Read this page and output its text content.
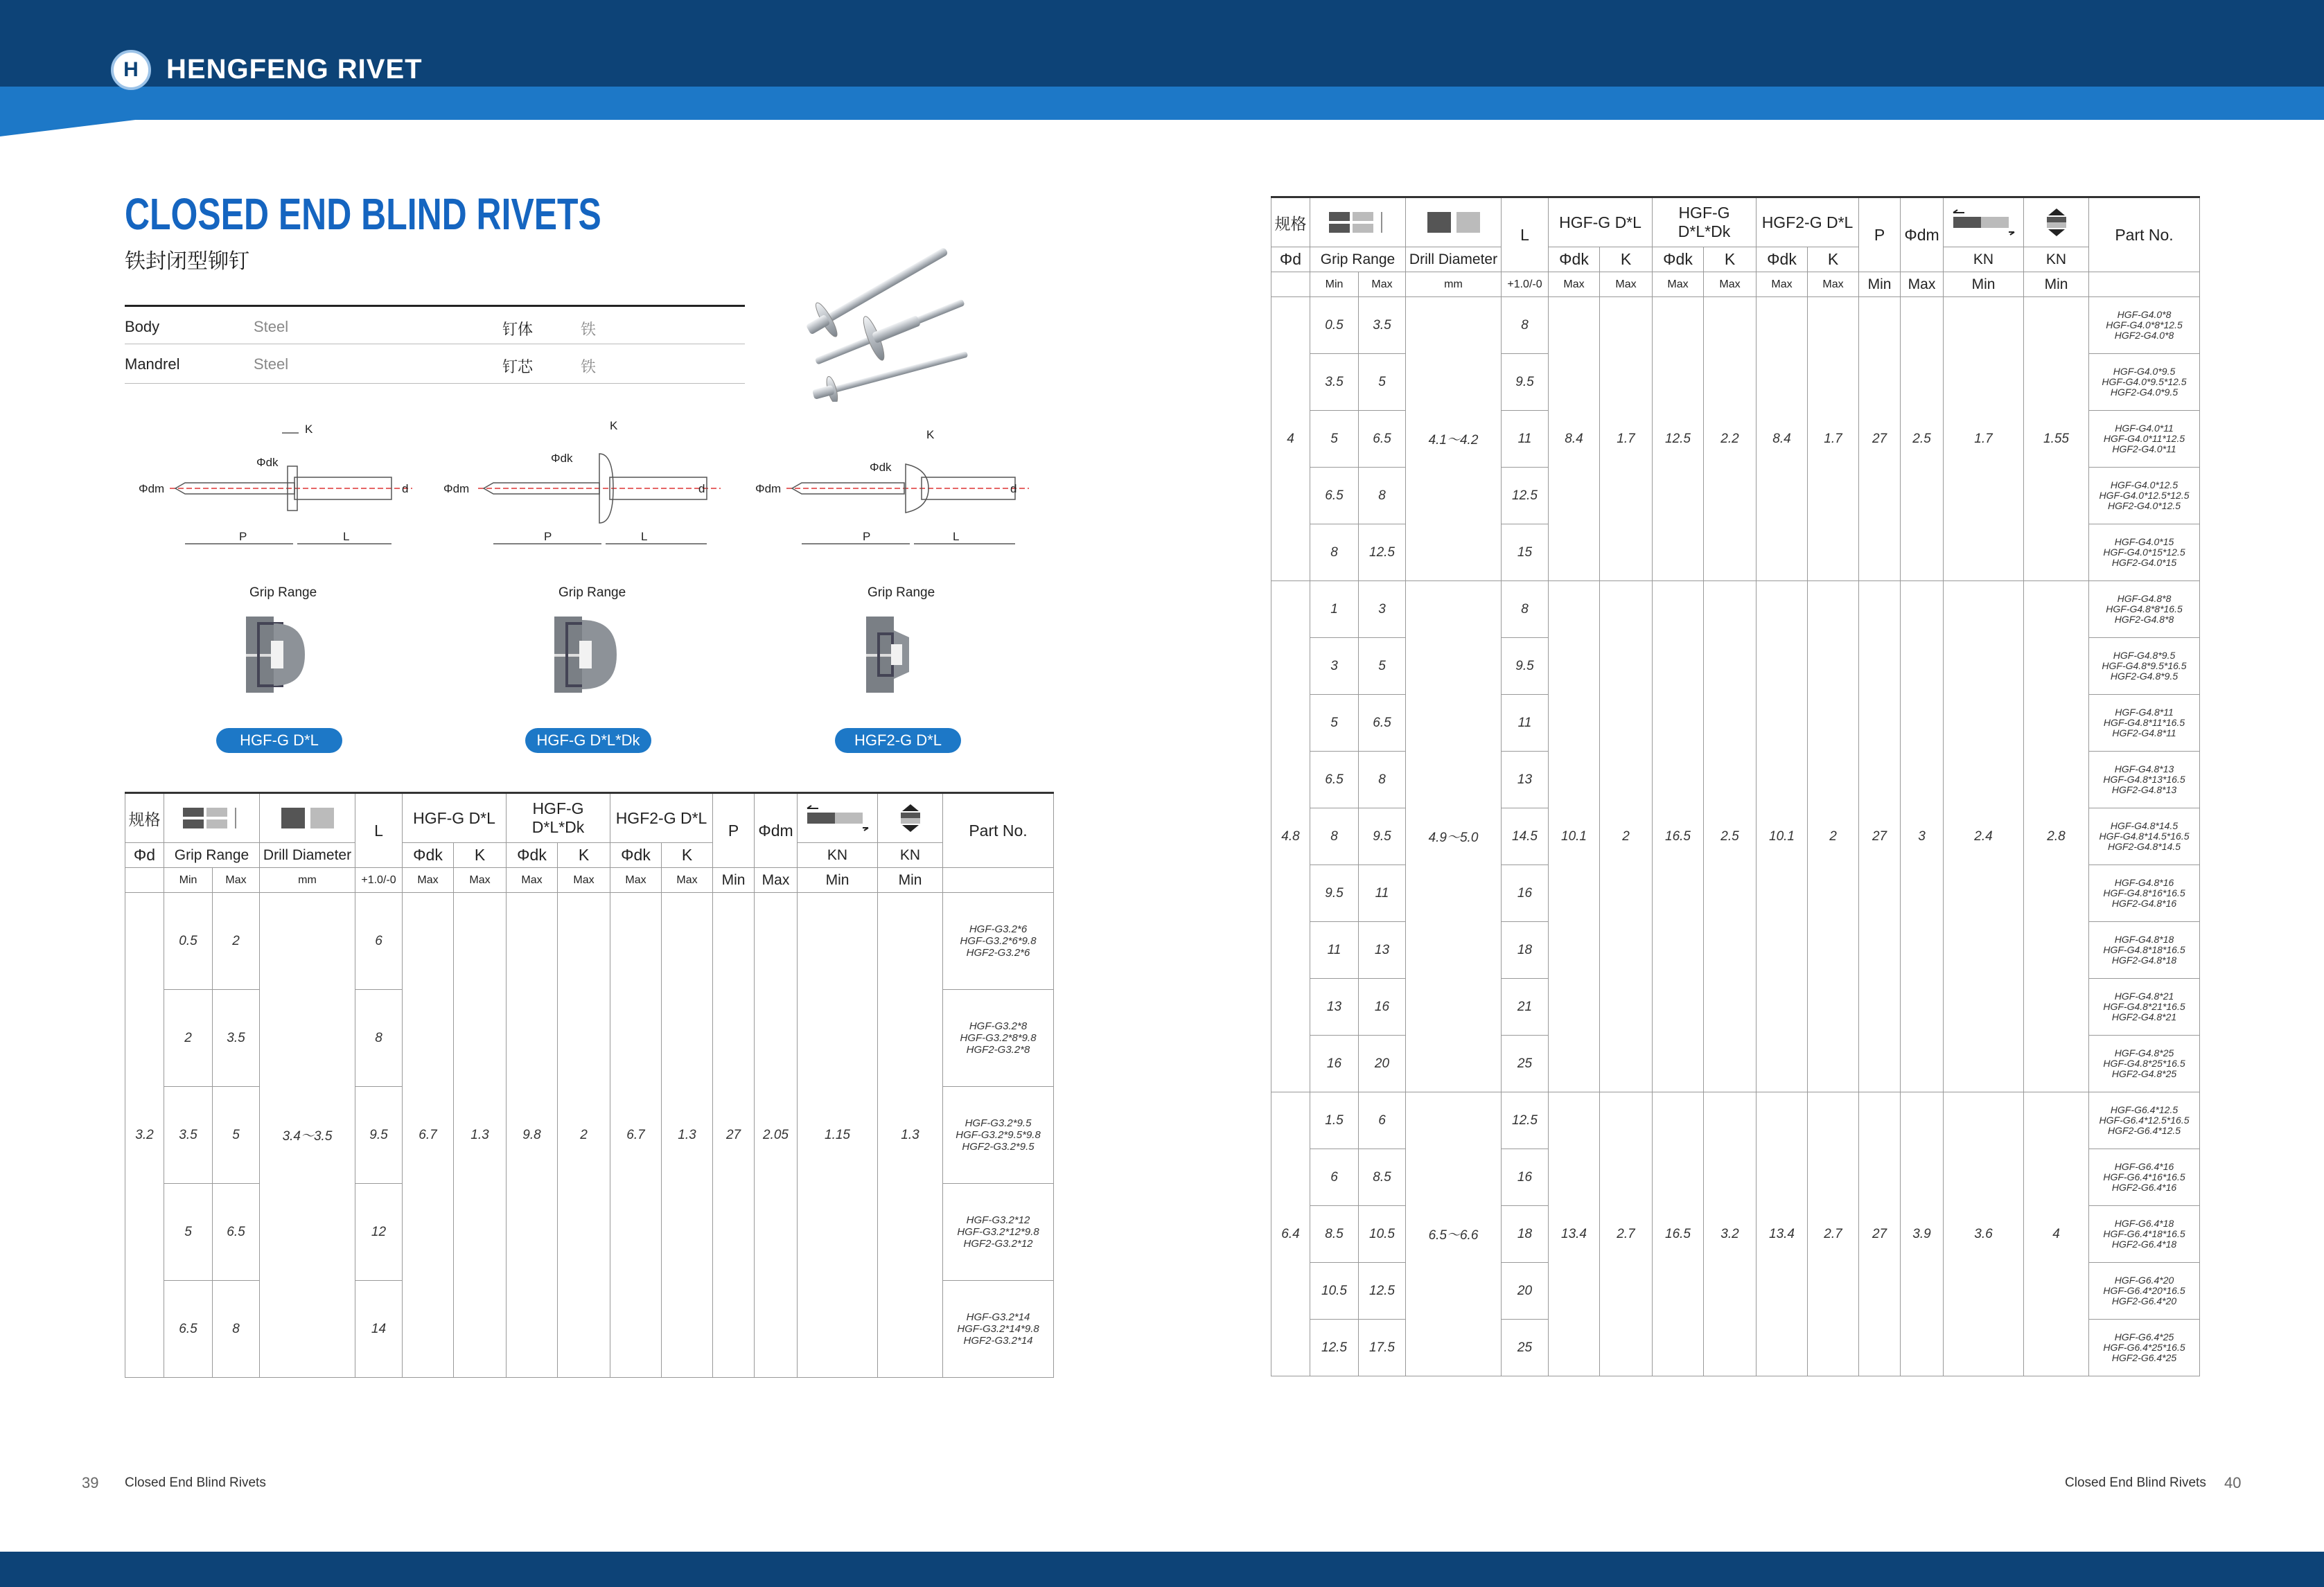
H HENGFENG RIVET
CLOSED END BLIND RIVETS
铁封闭型铆钉
Body	Steel	钉体	铁
Mandrel	Steel	钉芯	铁
K
Φdk
Φdm	d
P	L
K
Φdk
Φdm	d
P	L
K
Φdk
Φdm	d
P	L
Grip Range	Grip Range	Grip Range
HGF-G D*L	HGF-G D*L*Dk	HGF2-G D*L
规格				L	HGF-G D*L		HGF-G D*L*Dk		HGF2-G D*L		P	Φdm			Part No.
Φd	Grip Range		Drill Diameter		Φdk	K	Φdk	K	Φdk	K			KN	KN	
	Min	Max	mm	+1.0/-0	Max	Max	Max	Max	Max	Max	Min	Max	Min	Min	
3.2	0.5	2	3.4～3.5	6	6.7	1.3	9.8	2	6.7	1.3	27	2.05	1.15	1.3	HGF-G3.2*6
HGF-G3.2*6*9.8
HGF2-G3.2*6

	2	3.5		8											HGF-G3.2*8
HGF-G3.2*8*9.8
HGF2-G3.2*8

	3.5	5		9.5											HGF-G3.2*9.5
HGF-G3.2*9.5*9.8
HGF2-G3.2*9.5

	5	6.5		12											HGF-G3.2*12
HGF-G3.2*12*9.8
HGF2-G3.2*12

	6.5	8		14											HGF-G3.2*14
HGF-G3.2*14*9.8
HGF2-G3.2*14
规格				L	HGF-G D*L		HGF-G D*L*Dk		HGF2-G D*L		P	Φdm			Part No.
Φd	Grip Range		Drill Diameter		Φdk	K	Φdk	K	Φdk	K			KN	KN	
	Min	Max	mm	+1.0/-0	Max	Max	Max	Max	Max	Max	Min	Max	Min	Min	
4	0.5	3.5	4.1～4.2	8	8.4	1.7	12.5	2.2	8.4	1.7	27	2.5	1.7	1.55	HGF-G4.0*8
HGF-G4.0*8*12.5
HGF2-G4.0*8

	3.5	5		9.5											HGF-G4.0*9.5
HGF-G4.0*9.5*12.5
HGF2-G4.0*9.5

	5	6.5		11											HGF-G4.0*11
HGF-G4.0*11*12.5
HGF2-G4.0*11

	6.5	8		12.5											HGF-G4.0*12.5
HGF-G4.0*12.5*12.5
HGF2-G4.0*12.5

	8	12.5		15											HGF-G4.0*15
HGF-G4.0*15*12.5
HGF2-G4.0*15

4.8	1	3	4.9～5.0	8	10.1	2	16.5	2.5	10.1	2	27	3	2.4	2.8	HGF-G4.8*8
HGF-G4.8*8*16.5
HGF2-G4.8*8

	3	5		9.5											HGF-G4.8*9.5
HGF-G4.8*9.5*16.5
HGF2-G4.8*9.5

	5	6.5		11											HGF-G4.8*11
HGF-G4.8*11*16.5
HGF2-G4.8*11

	6.5	8		13											HGF-G4.8*13
HGF-G4.8*13*16.5
HGF2-G4.8*13

	8	9.5		14.5											HGF-G4.8*14.5
HGF-G4.8*14.5*16.5
HGF2-G4.8*14.5

	9.5	11		16											HGF-G4.8*16
HGF-G4.8*16*16.5
HGF2-G4.8*16

	11	13		18											HGF-G4.8*18
HGF-G4.8*18*16.5
HGF2-G4.8*18

	13	16		21											HGF-G4.8*21
HGF-G4.8*21*16.5
HGF2-G4.8*21

	16	20		25											HGF-G4.8*25
HGF-G4.8*25*16.5
HGF2-G4.8*25

6.4	1.5	6	6.5～6.6	12.5	13.4	2.7	16.5	3.2	13.4	2.7	27	3.9	3.6	4	HGF-G6.4*12.5
HGF-G6.4*12.5*16.5
HGF2-G6.4*12.5

	6	8.5		16											HGF-G6.4*16
HGF-G6.4*16*16.5
HGF2-G6.4*16

	8.5	10.5		18											HGF-G6.4*18
HGF-G6.4*18*16.5
HGF2-G6.4*18

	10.5	12.5		20											HGF-G6.4*20
HGF-G6.4*20*16.5
HGF2-G6.4*20

	12.5	17.5		25											HGF-G6.4*25
HGF-G6.4*25*16.5
HGF2-G6.4*25
39 Closed End Blind Rivets	Closed End Blind Rivets 40
